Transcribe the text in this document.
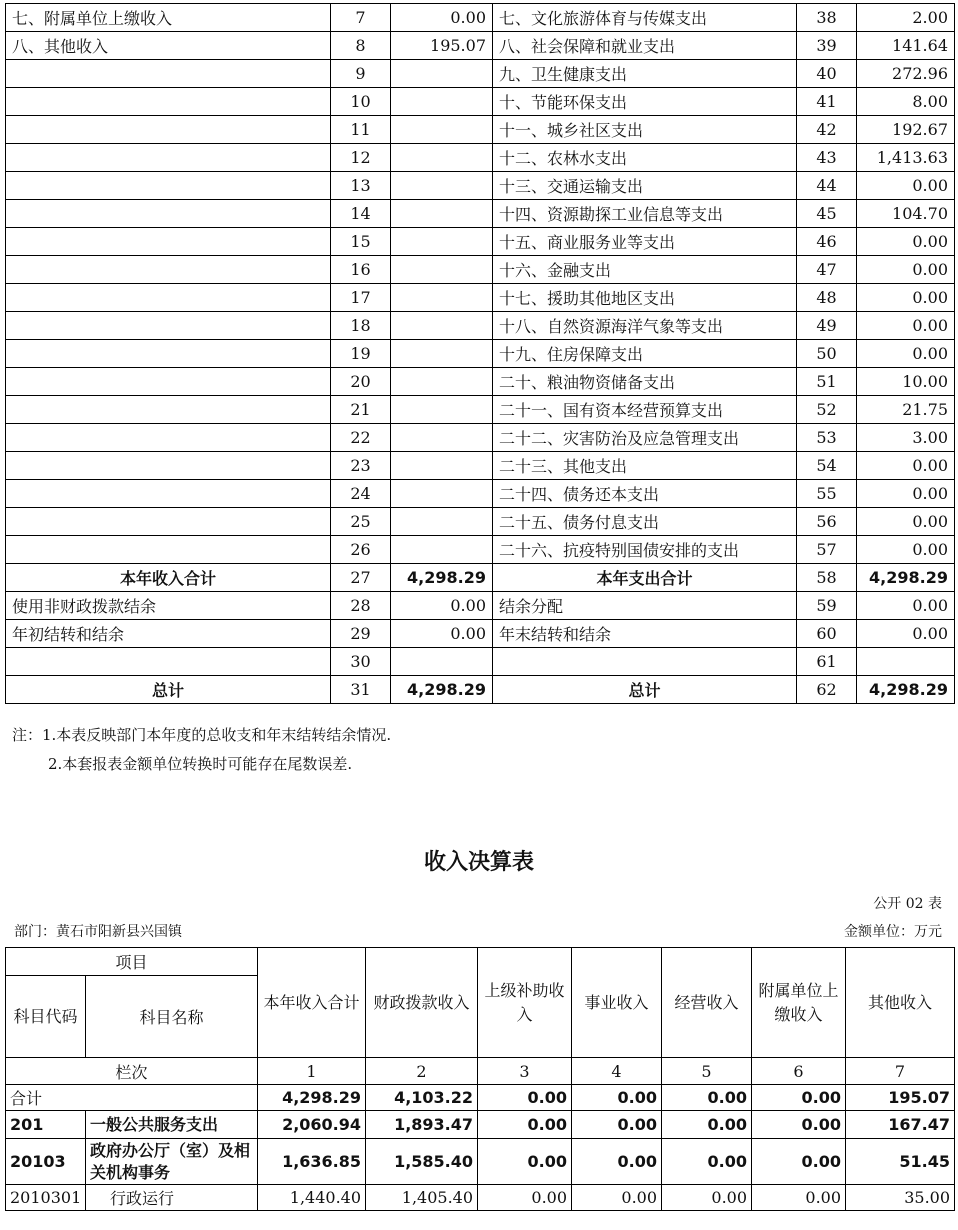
七、附属单位上缴收入	7	0.00	七、文化旅游体育与传媒支出	38	2.00
八、其他收入	8	195.07	八、社会保障和就业支出	39	141.64
	9		九、卫生健康支出	40	272.96
	10		十、节能环保支出	41	8.00
	11		十一、城乡社区支出	42	192.67
	12		十二、农林水支出	43	1,413.63
	13		十三、交通运输支出	44	0.00
	14		十四、资源勘探工业信息等支出	45	104.70
	15		十五、商业服务业等支出	46	0.00
	16		十六、金融支出	47	0.00
	17		十七、援助其他地区支出	48	0.00
	18		十八、自然资源海洋气象等支出	49	0.00
	19		十九、住房保障支出	50	0.00
	20		二十、粮油物资储备支出	51	10.00
	21		二十一、国有资本经营预算支出	52	21.75
	22		二十二、灾害防治及应急管理支出	53	3.00
	23		二十三、其他支出	54	0.00
	24		二十四、债务还本支出	55	0.00
	25		二十五、债务付息支出	56	0.00
	26		二十六、抗疫特别国债安排的支出	57	0.00
本年收入合计	27	4,298.29	本年支出合计	58	4,298.29
使用非财政拨款结余	28	0.00	结余分配	59	0.00
年初结转和结余	29	0.00	年末结转和结余	60	0.00
	30			61	
总计	31	4,298.29	总计	62	4,298.29
注：1.本表反映部门本年度的总收支和年末结转结余情况.
2.本套报表金额单位转换时可能存在尾数误差.
收入决算表
公开 02 表
部门：黄石市阳新县兴国镇	金额单位：万元
项目		本年收入合计	财政拨款收入	上级补助收入	事业收入	经营收入	附属单位上缴收入	其他收入
科目代码	科目名称							
栏次		1	2	3	4	5	6	7
合计		4,298.29	4,103.22	0.00	0.00	0.00	0.00	195.07
201	一般公共服务支出	2,060.94	1,893.47	0.00	0.00	0.00	0.00	167.47
20103	政府办公厅（室）及相关机构事务	1,636.85	1,585.40	0.00	0.00	0.00	0.00	51.45
2010301	行政运行	1,440.40	1,405.40	0.00	0.00	0.00	0.00	35.00
